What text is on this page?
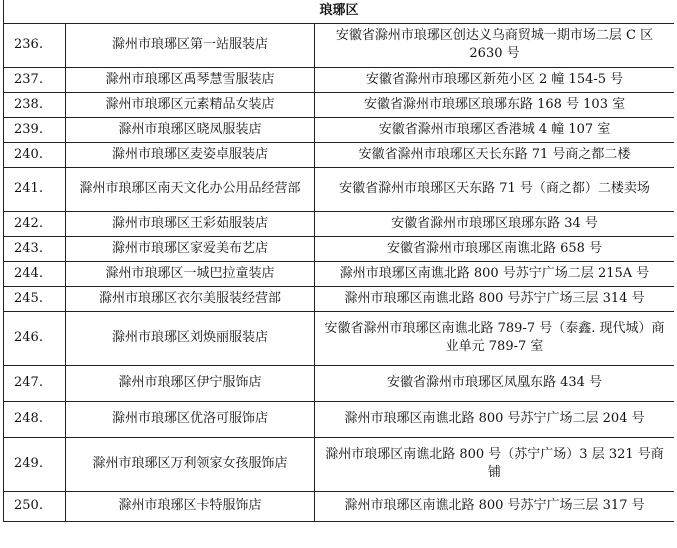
琅琊区		
236.	滁州市琅琊区第一站服装店	安徽省滁州市琅琊区创达义乌商贸城一期市场二层 C 区 2630 号
237.	滁州市琅琊区禹琴慧雪服装店	安徽省滁州市琅琊区新苑小区 2 幢 154-5 号
238.	滁州市琅琊区元素精品女装店	安徽省滁州市琅琊区琅琊东路 168 号 103 室
239.	滁州市琅琊区晓凤服装店	安徽省滁州市琅琊区香港城 4 幢 107 室
240.	滁州市琅琊区麦姿卓服装店	安徽省滁州市琅琊区天长东路 71 号商之都二楼
241.	滁州市琅琊区南天文化办公用品经营部	安徽省滁州市琅琊区天东路 71 号（商之都）二楼卖场
242.	滁州市琅琊区王彩茹服装店	安徽省滁州市琅琊区琅琊东路 34 号
243.	滁州市琅琊区家爱美布艺店	安徽省滁州市琅琊区南谯北路 658 号
244.	滁州市琅琊区一城巴拉童装店	滁州市琅琊区南谯北路 800 号苏宁广场二层 215A 号
245.	滁州市琅琊区衣尔美服装经营部	滁州市琅琊区南谯北路 800 号苏宁广场三层 314 号
246.	滁州市琅琊区刘焕丽服装店	安徽省滁州市琅琊区南谯北路 789-7 号（泰鑫. 现代城）商业单元 789-7 室
247.	滁州市琅琊区伊宁服饰店	安徽省滁州市琅琊区凤凰东路 434 号
248.	滁州市琅琊区优洛可服饰店	滁州市琅琊区南谯北路 800 号苏宁广场二层 204 号
249.	滁州市琅琊区万利领家女孩服饰店	滁州市琅琊区南谯北路 800 号（苏宁广场）3 层 321 号商铺
250.	滁州市琅琊区卡特服饰店	滁州市琅琊区南谯北路 800 号苏宁广场三层 317 号
